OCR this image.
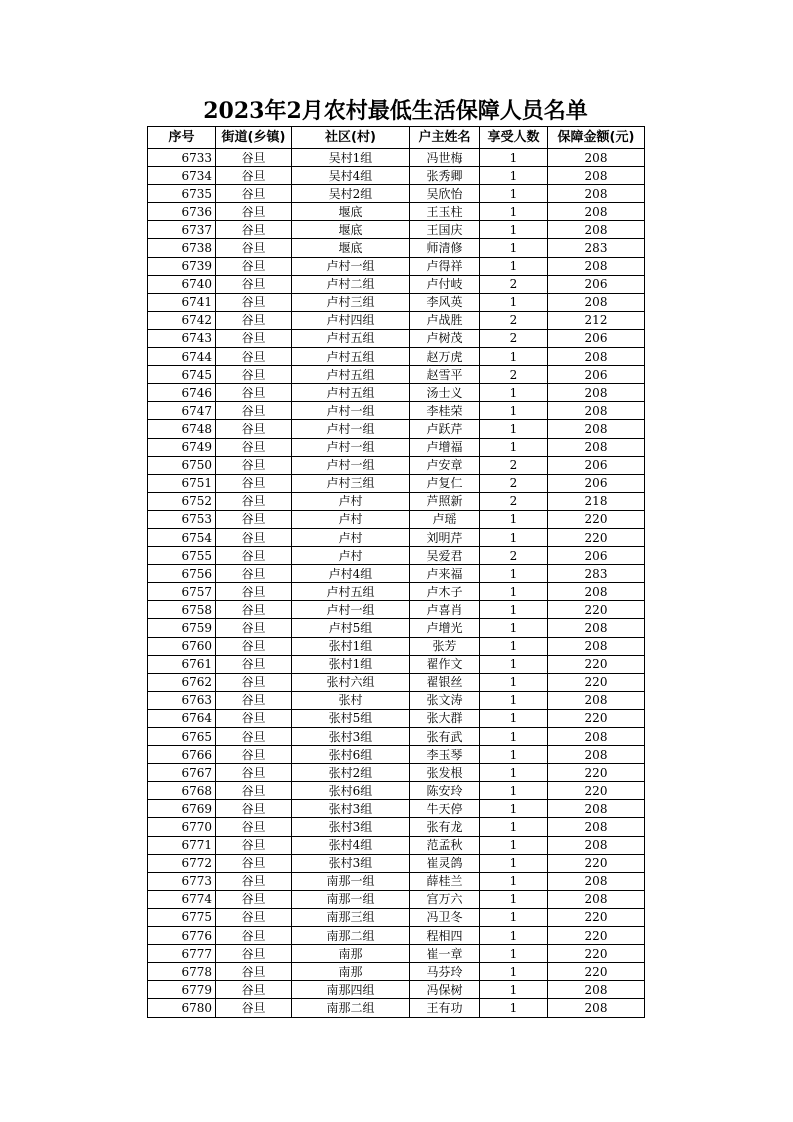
2023年2月农村最低生活保障人员名单
序号	街道(乡镇)	社区(村)	户主姓名	享受人数	保障金额(元)
6733	谷旦	吴村1组	冯世梅	1	208
6734	谷旦	吴村4组	张秀卿	1	208
6735	谷旦	吴村2组	吴欣怡	1	208
6736	谷旦	堰底	王玉柱	1	208
6737	谷旦	堰底	王国庆	1	208
6738	谷旦	堰底	师清修	1	283
6739	谷旦	卢村一组	卢得祥	1	208
6740	谷旦	卢村二组	卢付岐	2	206
6741	谷旦	卢村三组	李风英	1	208
6742	谷旦	卢村四组	卢战胜	2	212
6743	谷旦	卢村五组	卢树茂	2	206
6744	谷旦	卢村五组	赵万虎	1	208
6745	谷旦	卢村五组	赵雪平	2	206
6746	谷旦	卢村五组	汤士义	1	208
6747	谷旦	卢村一组	李桂荣	1	208
6748	谷旦	卢村一组	卢跃芹	1	208
6749	谷旦	卢村一组	卢增福	1	208
6750	谷旦	卢村一组	卢安章	2	206
6751	谷旦	卢村三组	卢复仁	2	206
6752	谷旦	卢村	芦照新	2	218
6753	谷旦	卢村	卢瑶	1	220
6754	谷旦	卢村	刘明芹	1	220
6755	谷旦	卢村	吴爱君	2	206
6756	谷旦	卢村4组	卢来福	1	283
6757	谷旦	卢村五组	卢木子	1	208
6758	谷旦	卢村一组	卢喜肖	1	220
6759	谷旦	卢村5组	卢增光	1	208
6760	谷旦	张村1组	张芳	1	208
6761	谷旦	张村1组	翟作文	1	220
6762	谷旦	张村六组	翟银丝	1	220
6763	谷旦	张村	张文涛	1	208
6764	谷旦	张村5组	张大群	1	220
6765	谷旦	张村3组	张有武	1	208
6766	谷旦	张村6组	李玉琴	1	208
6767	谷旦	张村2组	张发根	1	220
6768	谷旦	张村6组	陈安玲	1	220
6769	谷旦	张村3组	牛天停	1	208
6770	谷旦	张村3组	张有龙	1	208
6771	谷旦	张村4组	范孟秋	1	208
6772	谷旦	张村3组	崔灵鸽	1	220
6773	谷旦	南那一组	薛桂兰	1	208
6774	谷旦	南那一组	宫万六	1	208
6775	谷旦	南那三组	冯卫冬	1	220
6776	谷旦	南那二组	程相四	1	220
6777	谷旦	南那	崔一章	1	220
6778	谷旦	南那	马芬玲	1	220
6779	谷旦	南那四组	冯保树	1	208
6780	谷旦	南那二组	王有功	1	208
